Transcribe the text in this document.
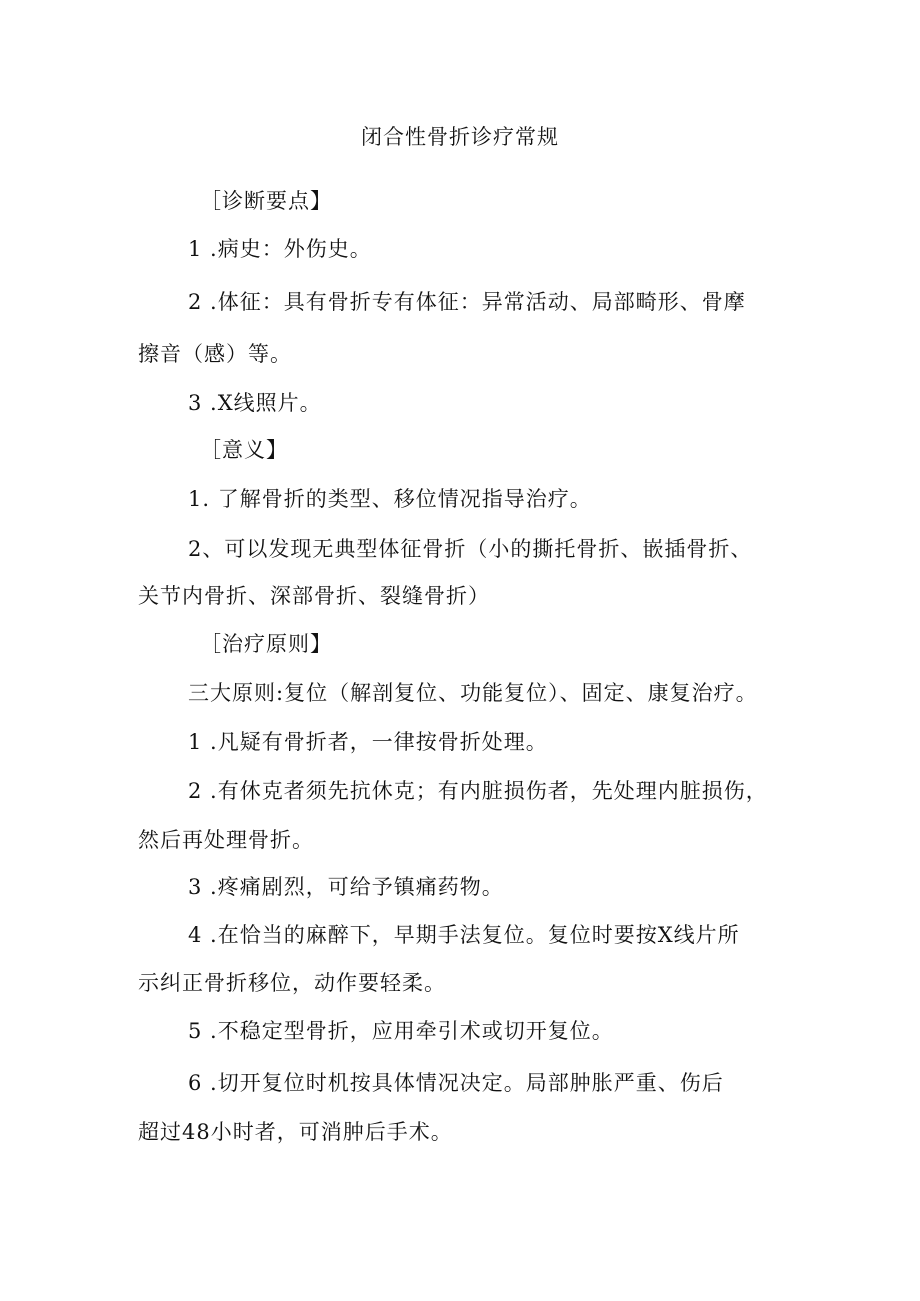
闭合性骨折诊疗常规
［诊断要点】
1 .病史：外伤史。
2 .体征：具有骨折专有体征：异常活动、局部畸形、骨摩
擦音（感）等。
3 .X线照片。
［意义】
1. 了解骨折的类型、移位情况指导治疗。
2、可以发现无典型体征骨折（小的撕托骨折、嵌插骨折、
关节内骨折、深部骨折、裂缝骨折）
［治疗原则】
三大原则:复位（解剖复位、功能复位）、固定、康复治疗。
1 .凡疑有骨折者，一律按骨折处理。
2 .有休克者须先抗休克；有内脏损伤者，先处理内脏损伤，
然后再处理骨折。
3 .疼痛剧烈，可给予镇痛药物。
4 .在恰当的麻醉下，早期手法复位。复位时要按X线片所
示纠正骨折移位，动作要轻柔。
5 .不稳定型骨折，应用牵引术或切开复位。
6 .切开复位时机按具体情况决定。局部肿胀严重、伤后
超过48小时者，可消肿后手术。
